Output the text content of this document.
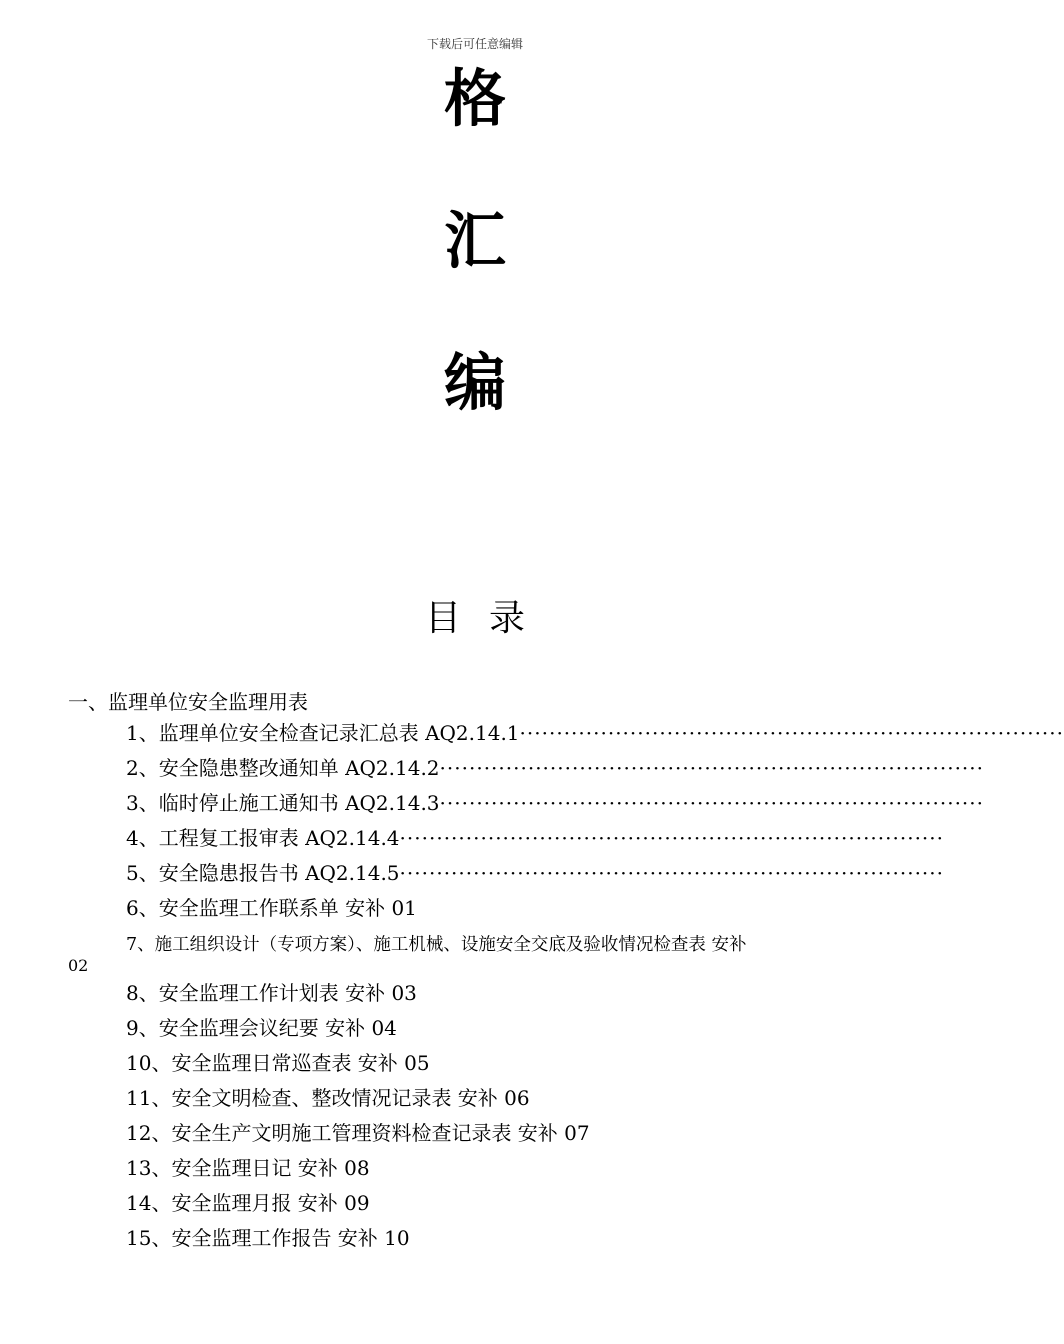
下载后可任意编辑
格
汇
编
目录
一、监理单位安全监理用表
1、监理单位安全检查记录汇总表 AQ2.14.1 ··········································································
2、安全隐患整改通知单 AQ2.14.2 ··········································································
3、临时停止施工通知书 AQ2.14.3 ··········································································
4、工程复工报审表 AQ2.14.4 ··········································································
5、安全隐患报告书 AQ2.14.5 ··········································································
6、安全监理工作联系单 安补 01
7、施工组织设计（专项方案）、施工机械、设施安全交底及验收情况检查表 安补
02
8、安全监理工作计划表 安补 03
9、安全监理会议纪要 安补 04
10、安全监理日常巡查表 安补 05
11、安全文明检查、整改情况记录表 安补 06
12、安全生产文明施工管理资料检查记录表 安补 07
13、安全监理日记 安补 08
14、安全监理月报 安补 09
15、安全监理工作报告 安补 10
